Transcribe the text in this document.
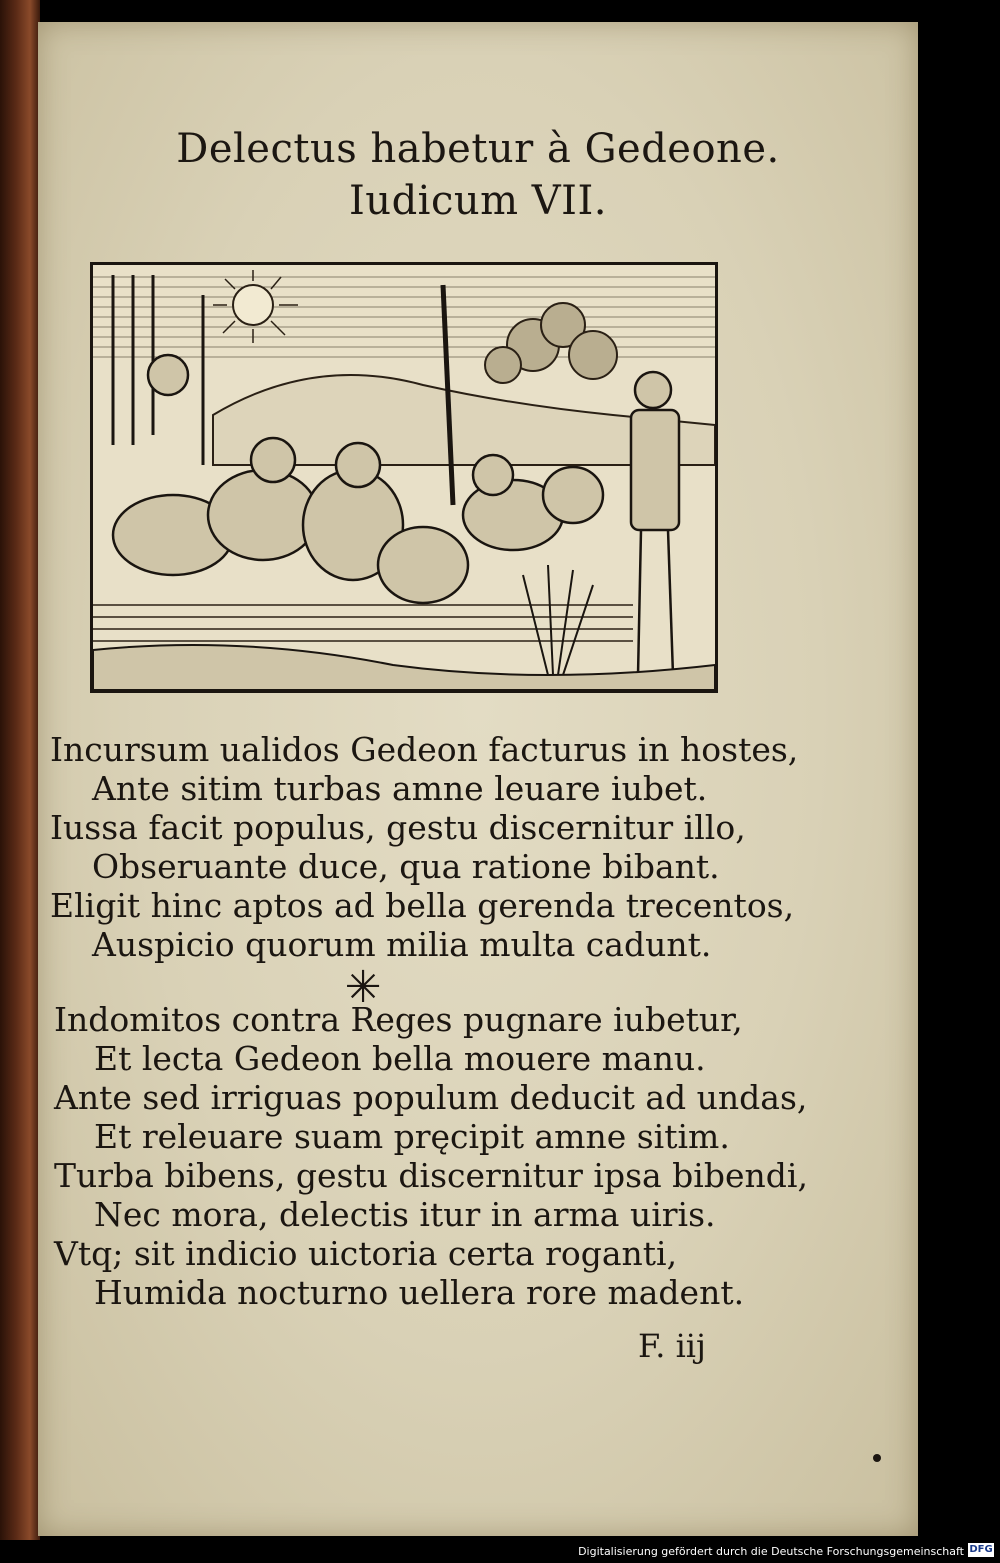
Delectus habetur à Gedeone.
Iudicum VII.
Incursum ualidos Gedeon facturus in hostes,
Ante sitim turbas amne leuare iubet.
Iussa facit populus, gestu discernitur illo,
Obseruante duce, qua ratione bibant.
Eligit hinc aptos ad bella gerenda trecentos,
Auspicio quorum milia multa cadunt.
✳
Indomitos contra Reges pugnare iubetur,
Et lecta Gedeon bella mouere manu.
Ante sed irriguas populum deducit ad undas,
Et releuare suam pręcipit amne sitim.
Turba bibens, gestu discernitur ipsa bibendi,
Nec mora, delectis itur in arma uiris.
Vtq; sit indicio uictoria certa roganti,
Humida nocturno uellera rore madent.
F. iij
Digitalisierung gefördert durch die Deutsche Forschungsgemeinschaft DFG
